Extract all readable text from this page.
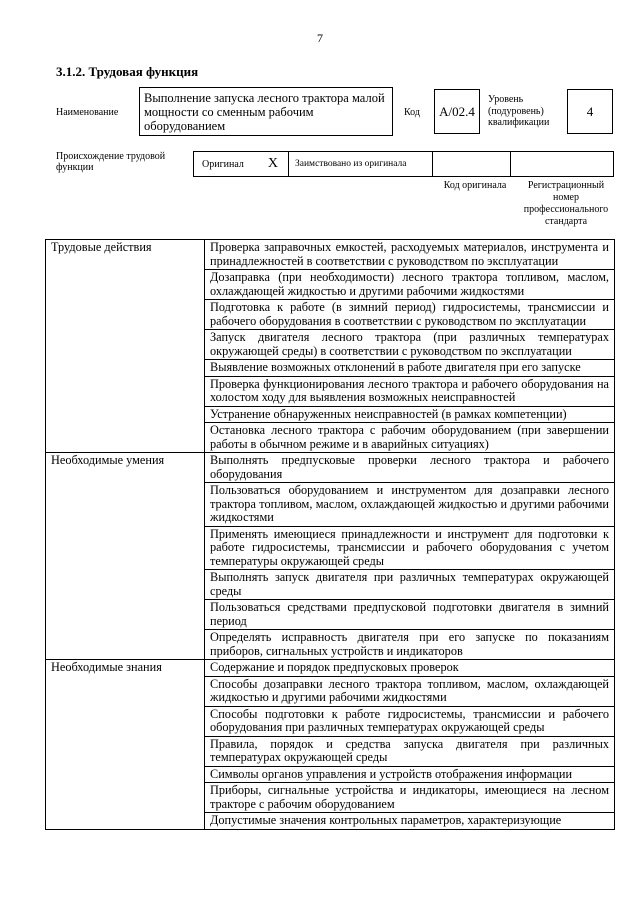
7
3.1.2. Трудовая функция
Наименование
Выполнение запуска лесного трактора малой мощности со сменным рабочим оборудованием
Код	A/02.4
Уровень
(подуровень)
квалификации
4
Происхождение трудовой функции	Оригинал X	Заимствовано из оригинала
Код оригинала	Регистрационный номер профессионального стандарта
Трудовые действия	Проверка заправочных емкостей, расходуемых материалов, инструмента и принадлежностей в соответствии с руководством по эксплуатации
	Дозаправка (при необходимости) лесного трактора топливом, маслом, охлаждающей жидкостью и другими рабочими жидкостями
	Подготовка к работе (в зимний период) гидросистемы, трансмиссии и рабочего оборудования в соответствии с руководством по эксплуатации
	Запуск двигателя лесного трактора (при различных температурах окружающей среды) в соответствии с руководством по эксплуатации
	Выявление возможных отклонений в работе двигателя при его запуске
	Проверка функционирования лесного трактора и рабочего оборудования на холостом ходу для выявления возможных неисправностей
	Устранение обнаруженных неисправностей (в рамках компетенции)
	Остановка лесного трактора с рабочим оборудованием (при завершении работы в обычном режиме и в аварийных ситуациях)
Необходимые умения	Выполнять предпусковые проверки лесного трактора и рабочего оборудования
	Пользоваться оборудованием и инструментом для дозаправки лесного трактора топливом, маслом, охлаждающей жидкостью и другими рабочими жидкостями
	Применять имеющиеся принадлежности и инструмент для подготовки к работе гидросистемы, трансмиссии и рабочего оборудования с учетом температуры окружающей среды
	Выполнять запуск двигателя при различных температурах окружающей среды
	Пользоваться средствами предпусковой подготовки двигателя в зимний период
	Определять исправность двигателя при его запуске по показаниям приборов, сигнальных устройств и индикаторов
Необходимые знания	Содержание и порядок предпусковых проверок
	Способы дозаправки лесного трактора топливом, маслом, охлаждающей жидкостью и другими рабочими жидкостями
	Способы подготовки к работе гидросистемы, трансмиссии и рабочего оборудования при различных температурах окружающей среды
	Правила, порядок и средства запуска двигателя при различных температурах окружающей среды
	Символы органов управления и устройств отображения информации
	Приборы, сигнальные устройства и индикаторы, имеющиеся на лесном тракторе с рабочим оборудованием
	Допустимые значения контрольных параметров, характеризующие
